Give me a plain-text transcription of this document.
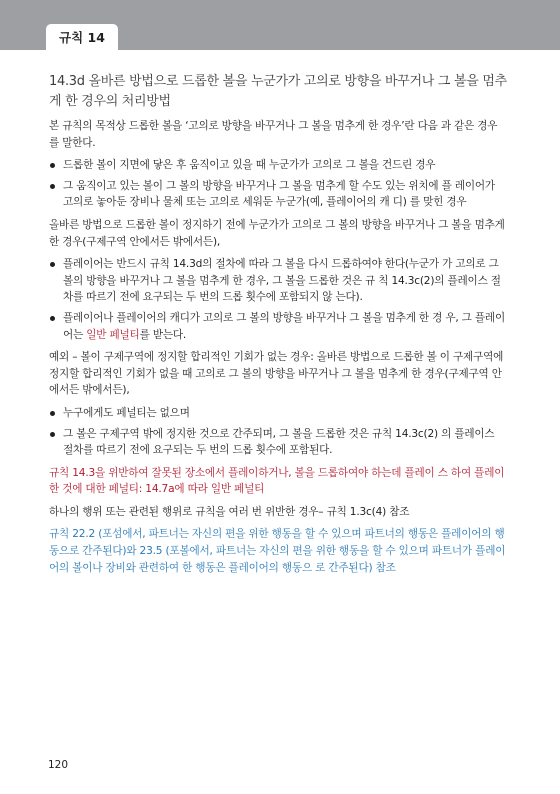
규칙 14
14.3d 올바른 방법으로 드롭한 볼을 누군가가 고의로 방향을 바꾸거나 그 볼을 멈추게 한 경우의 처리방법
본 규칙의 목적상 드롭한 볼을 ‘고의로 방향을 바꾸거나 그 볼을 멈추게 한 경우’란 다음 과 같은 경우를 말한다.
드롭한 볼이 지면에 닿은 후 움직이고 있을 때 누군가가 고의로 그 볼을 건드린 경우
그 움직이고 있는 볼이 그 볼의 방향을 바꾸거나 그 볼을 멈추게 할 수도 있는 위치에 플 레이어가 고의로 놓아둔 장비나 물체 또는 고의로 세워둔 누군가(예, 플레이어의 캐 디) 를 맞힌 경우
올바른 방법으로 드롭한 볼이 정지하기 전에 누군가가 고의로 그 볼의 방향을 바꾸거나 그 볼을 멈추게 한 경우(구제구역 안에서든 밖에서든),
플레이어는 반드시 규칙 14.3d의 절차에 따라 그 볼을 다시 드롭하여야 한다(누군가 가 고의로 그 볼의 방향을 바꾸거나 그 볼을 멈추게 한 경우, 그 볼을 드롭한 것은 규 칙 14.3c(2)의 플레이스 절차를 따르기 전에 요구되는 두 번의 드롭 횟수에 포함되지 않 는다).
플레이어나 플레이어의 캐디가 고의로 그 볼의 방향을 바꾸거나 그 볼을 멈추게 한 경 우, 그 플레이어는 일반 페널티를 받는다.
예외 – 볼이 구제구역에 정지할 합리적인 기회가 없는 경우: 올바른 방법으로 드롭한 볼 이 구제구역에 정지할 합리적인 기회가 없을 때 고의로 그 볼의 방향을 바꾸거나 그 볼을 멈추게 한 경우(구제구역 안에서든 밖에서든),
누구에게도 페널티는 없으며
그 볼은 구제구역 밖에 정지한 것으로 간주되며, 그 볼을 드롭한 것은 규칙 14.3c(2) 의 플레이스 절차를 따르기 전에 요구되는 두 번의 드롭 횟수에 포함된다.
규칙 14.3을 위반하여 잘못된 장소에서 플레이하거나, 볼을 드롭하여야 하는데 플레이 스 하여 플레이한 것에 대한 페널티: 14.7a에 따라 일반 페널티
하나의 행위 또는 관련된 행위로 규칙을 여러 번 위반한 경우– 규칙 1.3c(4) 참조
규칙 22.2 (포섬에서, 파트너는 자신의 편을 위한 행동을 할 수 있으며 파트너의 행동은 플레이어의 행동으로 간주된다)와 23.5 (포볼에서, 파트너는 자신의 편을 위한 행동을 할 수 있으며 파트너가 플레이어의 볼이나 장비와 관련하여 한 행동은 플레이어의 행동으 로 간주된다) 참조
120
